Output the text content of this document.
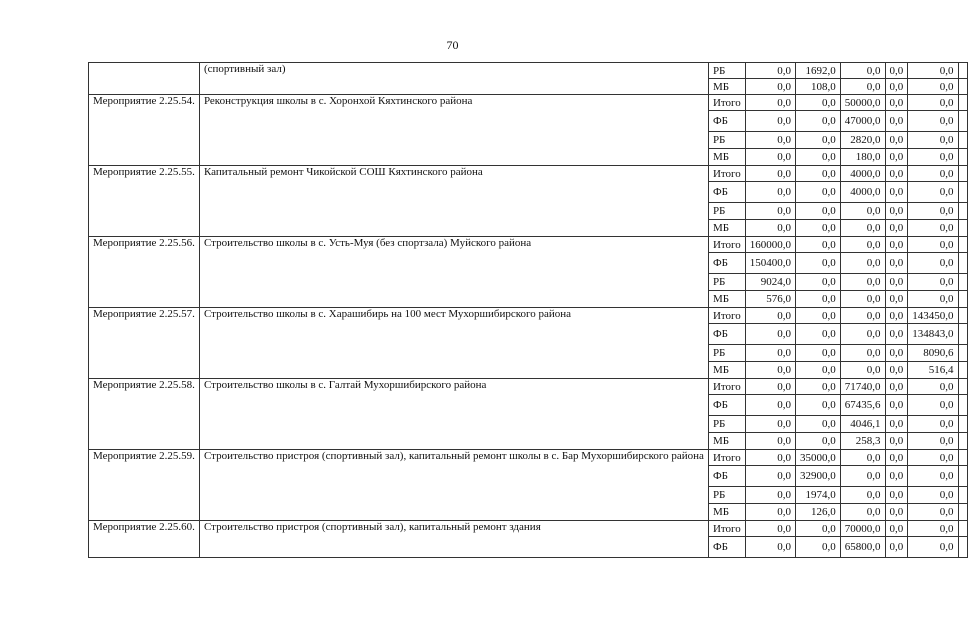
70
	(спортивный зал)	РБ	0,0	1692,0	0,0	0,0	0,0	
		МБ	0,0	108,0	0,0	0,0	0,0	
Мероприятие 2.25.54.	Реконструкция школы в с. Хоронхой Кяхтинского района	Итого	0,0	0,0	50000,0	0,0	0,0	
		ФБ	0,0	0,0	47000,0	0,0	0,0	
		РБ	0,0	0,0	2820,0	0,0	0,0	
		МБ	0,0	0,0	180,0	0,0	0,0	
Мероприятие 2.25.55.	Капитальный ремонт Чикойской СОШ Кяхтинского района	Итого	0,0	0,0	4000,0	0,0	0,0	
		ФБ	0,0	0,0	4000,0	0,0	0,0	
		РБ	0,0	0,0	0,0	0,0	0,0	
		МБ	0,0	0,0	0,0	0,0	0,0	
Мероприятие 2.25.56.	Строительство школы в с. Усть-Муя (без спортзала) Муйского района	Итого	160000,0	0,0	0,0	0,0	0,0	
		ФБ	150400,0	0,0	0,0	0,0	0,0	
		РБ	9024,0	0,0	0,0	0,0	0,0	
		МБ	576,0	0,0	0,0	0,0	0,0	
Мероприятие 2.25.57.	Строительство школы в с. Харашибирь на 100 мест Мухоршибирского района	Итого	0,0	0,0	0,0	0,0	143450,0	
		ФБ	0,0	0,0	0,0	0,0	134843,0	
		РБ	0,0	0,0	0,0	0,0	8090,6	
		МБ	0,0	0,0	0,0	0,0	516,4	
Мероприятие 2.25.58.	Строительство школы в с. Галтай Мухоршибирского района	Итого	0,0	0,0	71740,0	0,0	0,0	
		ФБ	0,0	0,0	67435,6	0,0	0,0	
		РБ	0,0	0,0	4046,1	0,0	0,0	
		МБ	0,0	0,0	258,3	0,0	0,0	
Мероприятие 2.25.59.	Строительство пристроя (спортивный зал), капитальный ремонт школы в с. Бар Мухоршибирского района	Итого	0,0	35000,0	0,0	0,0	0,0	
		ФБ	0,0	32900,0	0,0	0,0	0,0	
		РБ	0,0	1974,0	0,0	0,0	0,0	
		МБ	0,0	126,0	0,0	0,0	0,0	
Мероприятие 2.25.60.	Строительство пристроя (спортивный зал), капитальный ремонт здания	Итого	0,0	0,0	70000,0	0,0	0,0	
		ФБ	0,0	0,0	65800,0	0,0	0,0	
